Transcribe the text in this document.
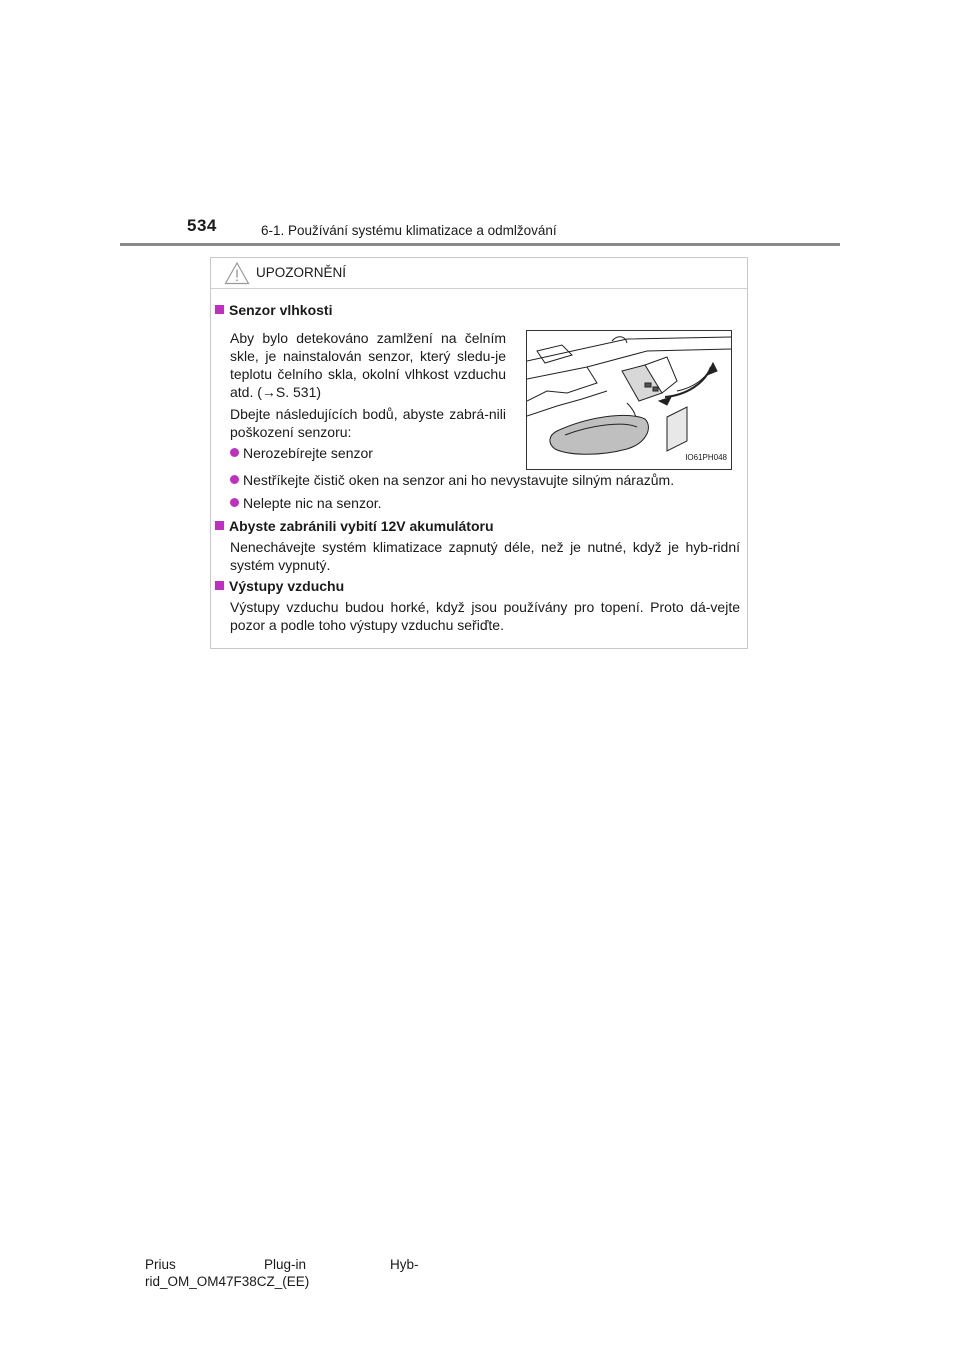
534	6-1. Používání systému klimatizace a odmlžování
UPOZORNĚNÍ
Senzor vlhkosti
Aby bylo detekováno zamlžení na čelním skle, je nainstalován senzor, který sledu-je teplotu čelního skla, okolní vlhkost vzduchu atd. (→S. 531)
Dbejte následujících bodů, abyste zabrá-nili poškození senzoru:
Nerozebírejte senzor
Nestříkejte čistič oken na senzor ani ho nevystavujte silným nárazům.
Nelepte nic na senzor.
IO61PH048
Abyste zabránili vybití 12V akumulátoru
Nenechávejte systém klimatizace zapnutý déle, než je nutné, když je hyb-ridní systém vypnutý.
Výstupy vzduchu
Výstupy vzduchu budou horké, když jsou používány pro topení. Proto dá-vejte pozor a podle toho výstupy vzduchu seřiďte.
Prius	Plug-in	Hyb-
rid_OM_OM47F38CZ_(EE)
